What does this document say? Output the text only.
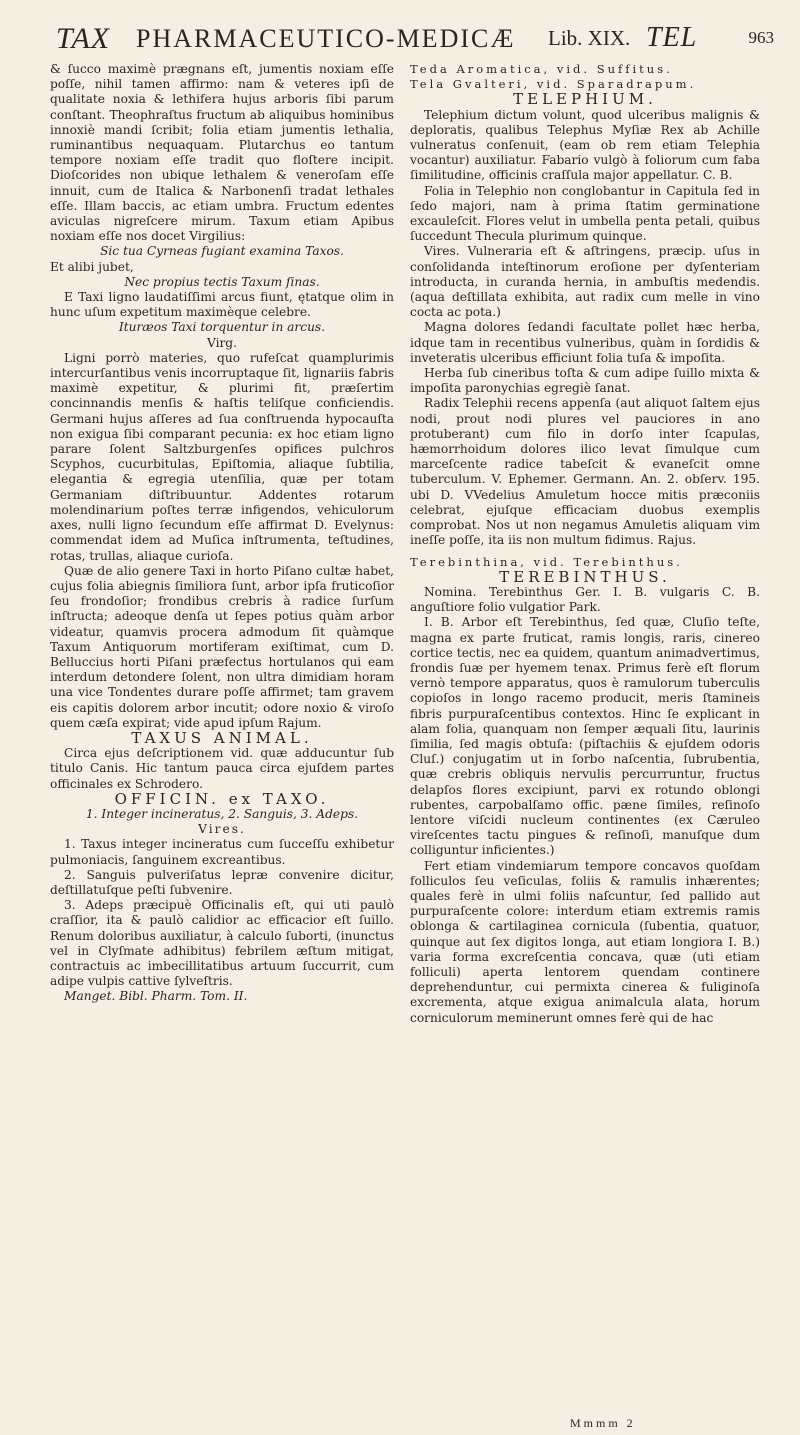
TAX PHARMACEUTICO-MEDICÆ Lib. XIX. TEL	963

& ſucco maximè prægnans eſt, jumentis noxiam eſſe poſſe, nihil tamen affirmo: nam & veteres ipſi de qualitate noxia & lethifera hujus arboris ſibi parum conſtant. Theophraſtus fructum ab aliquibus hominibus innoxiè mandi ſcribit; folia etiam jumentis lethalia, ruminantibus nequaquam. Plutarchus eo tantum tempore noxiam eſſe tradit quo floſtere incipit. Dioſcorides non ubique lethalem & veneroſam eſſe innuit, cum de Italica & Narbonenſi tradat lethales eſſe. Illam baccis, ac etiam umbra. Fructum edentes aviculas nigreſcere mirum. Taxum etiam Apibus noxiam eſſe nos docet Virgilius:

Sic tua Cyrneas fugiant examina Taxos.

Et alibi jubet,

Nec propius tectis Taxum ſinas.

E Taxi ligno laudatiſſimi arcus fiunt, ętatque olim in hunc uſum expetitum maximèque celebre.

Ituræos Taxi torquentur in arcus.

Virg.

Ligni porrò materies, quo rufeſcat quamplurimis intercurſantibus venis incorruptaque ſit, lignariis fabris maximè expetitur, & plurimi fit, præſertim concinnandis menſis & haſtis teliſque conficiendis. Germani hujus aſſeres ad ſua conſtruenda hypocauſta non exigua ſibi comparant pecunia: ex hoc etiam ligno parare ſolent Saltzburgenſes opifices pulchros Scyphos, cucurbitulas, Epiſtomia, aliaque ſubtilia, elegantia & egregia utenſilia, quæ per totam Germaniam diſtribuuntur. Addentes rotarum molendinarium poſtes terræ infigendos, vehiculorum axes, nulli ligno ſecundum eſſe affirmat D. Evelynus: commendat idem ad Muſica inſtrumenta, teſtudines, rotas, trullas, aliaque curioſa.

Quæ de alio genere Taxi in horto Piſano cultæ habet, cujus folia abiegnis ſimiliora ſunt, arbor ipſa fruticoſior ſeu frondoſior; frondibus crebris à radice ſurſum inſtructa; adeoque denſa ut ſepes potius quàm arbor videatur, quamvis procera admodum ſit quàmque Taxum Antiquorum mortiferam exiſtimat, cum D. Belluccius horti Piſani præfectus hortulanos qui eam interdum detondere ſolent, non ultra dimidiam horam una vice Tondentes durare poſſe affirmet; tam gravem eis capitis dolorem arbor incutit; odore noxio & viroſo quem cæſa expirat; vide apud ipſum Rajum.

TAXUS ANIMAL.

Circa ejus deſcriptionem vid. quæ adducuntur ſub titulo Canis. Hic tantum pauca circa ejuſdem partes officinales ex Schrodero.

OFFICIN. ex TAXO.

1. Integer incineratus, 2. Sanguis, 3. Adeps.

Vires.

1. Taxus integer incineratus cum ſucceſſu exhibetur pulmoniacis, ſanguinem excreantibus.

2. Sanguis pulveriſatus lepræ convenire dicitur, deſtillatuſque peſti ſubvenire.

3. Adeps præcipuè Officinalis eſt, qui uti paulò craſſior, ita & paulò calidior ac efficacior eſt ſuillo. Renum doloribus auxiliatur, à calculo ſuborti, (inunctus vel in Clyſmate adhibitus) febrilem æſtum mitigat, contractuis ac imbecillitatibus artuum ſuccurrit, cum adipe vulpis cattive ſylveſtris.

Manget. Bibl. Pharm. Tom. II.

Teda Aromatica, vid. Suffitus.

Tela Gvalteri, vid. Sparadrapum.

TELEPHIUM.

Telephium dictum volunt, quod ulceribus malignis & deploratis, qualibus Telephus Myſiæ Rex ab Achille vulneratus conſenuit, (eam ob rem etiam Telephia vocantur) auxiliatur. Fabario vulgò à foliorum cum faba ſimilitudine, officinis craſſula major appellatur. C. B.

Folia in Telephio non conglobantur in Capitula ſed in ſedo majori, nam à prima ſtatim germinatione excauleſcit. Flores velut in umbella penta petali, quibus ſuccedunt Thecula plurimum quinque.

Vires. Vulneraria eſt & aſtringens, præcip. uſus in conſolidanda inteſtinorum eroſione per dyſenteriam introducta, in curanda hernia, in ambuſtis medendis. (aqua deſtillata exhibita, aut radix cum melle in vino cocta ac pota.)

Magna dolores ſedandi facultate pollet hæc herba, idque tam in recentibus vulneribus, quàm in ſordidis & inveteratis ulceribus efficiunt folia tuſa & impoſita.

Herba ſub cineribus toſta & cum adipe ſuillo mixta & impoſita paronychias egregiè ſanat.

Radix Telephii recens appenſa (aut aliquot ſaltem ejus nodi, prout nodi plures vel pauciores in ano protuberant) cum filo in dorſo inter ſcapulas, hæmorrhoidum dolores ilico levat ſimulque cum marceſcente radice tabeſcit & evaneſcit omne tuberculum. V. Ephemer. Germann. An. 2. obſerv. 195. ubi D. VVedelius Amuletum hocce mitis præconiis celebrat, ejuſque efficaciam duobus exemplis comprobat. Nos ut non negamus Amuletis aliquam vim ineſſe poſſe, ita iis non multum fidimus. Rajus.

Terebinthina, vid. Terebinthus.

TEREBINTHUS.

Nomina. Terebinthus Ger. I. B. vulgaris C. B. anguſtiore folio vulgatior Park.

I. B. Arbor eſt Terebinthus, ſed quæ, Cluſio teſte, magna ex parte fruticat, ramis longis, raris, cinereo cortice tectis, nec ea quidem, quantum animadvertimus, frondis ſuæ per hyemem tenax. Primus ferè eſt florum vernò tempore apparatus, quos è ramulorum tuberculis copioſos in longo racemo producit, meris ſtamineis fibris purpuraſcentibus contextos. Hinc ſe explicant in alam folia, quanquam non ſemper æquali ſitu, laurinis ſimilia, ſed magis obtuſa: (piſtachiis & ejuſdem odoris Cluſ.) conjugatim ut in ſorbo naſcentia, ſubrubentia, quæ crebris obliquis nervulis percurruntur, fructus delapſos flores excipiunt, parvi ex rotundo oblongi rubentes, carpobalſamo offic. pæne ſimiles, reſinoſo lentore viſcidi nucleum continentes (ex Cæruleo vireſcentes tactu pingues & reſinoſi, manuſque dum colliguntur inficientes.)

Fert etiam vindemiarum tempore concavos quoſdam folliculos ſeu veſiculas, foliis & ramulis inhærentes; quales ferè in ulmi foliis naſcuntur, ſed pallido aut purpuraſcente colore: interdum etiam extremis ramis oblonga & cartilaginea cornicula (ſubentia, quatuor, quinque aut ſex digitos longa, aut etiam longiora I. B.) varia forma excreſcentia concava, quæ (uti etiam folliculi) aperta lentorem quendam continere deprehenduntur, cui permixta cinerea & fuliginoſa excrementa, atque exigua animalcula alata, horum corniculorum meminerunt omnes ferè qui de hac

Mmmm 2
